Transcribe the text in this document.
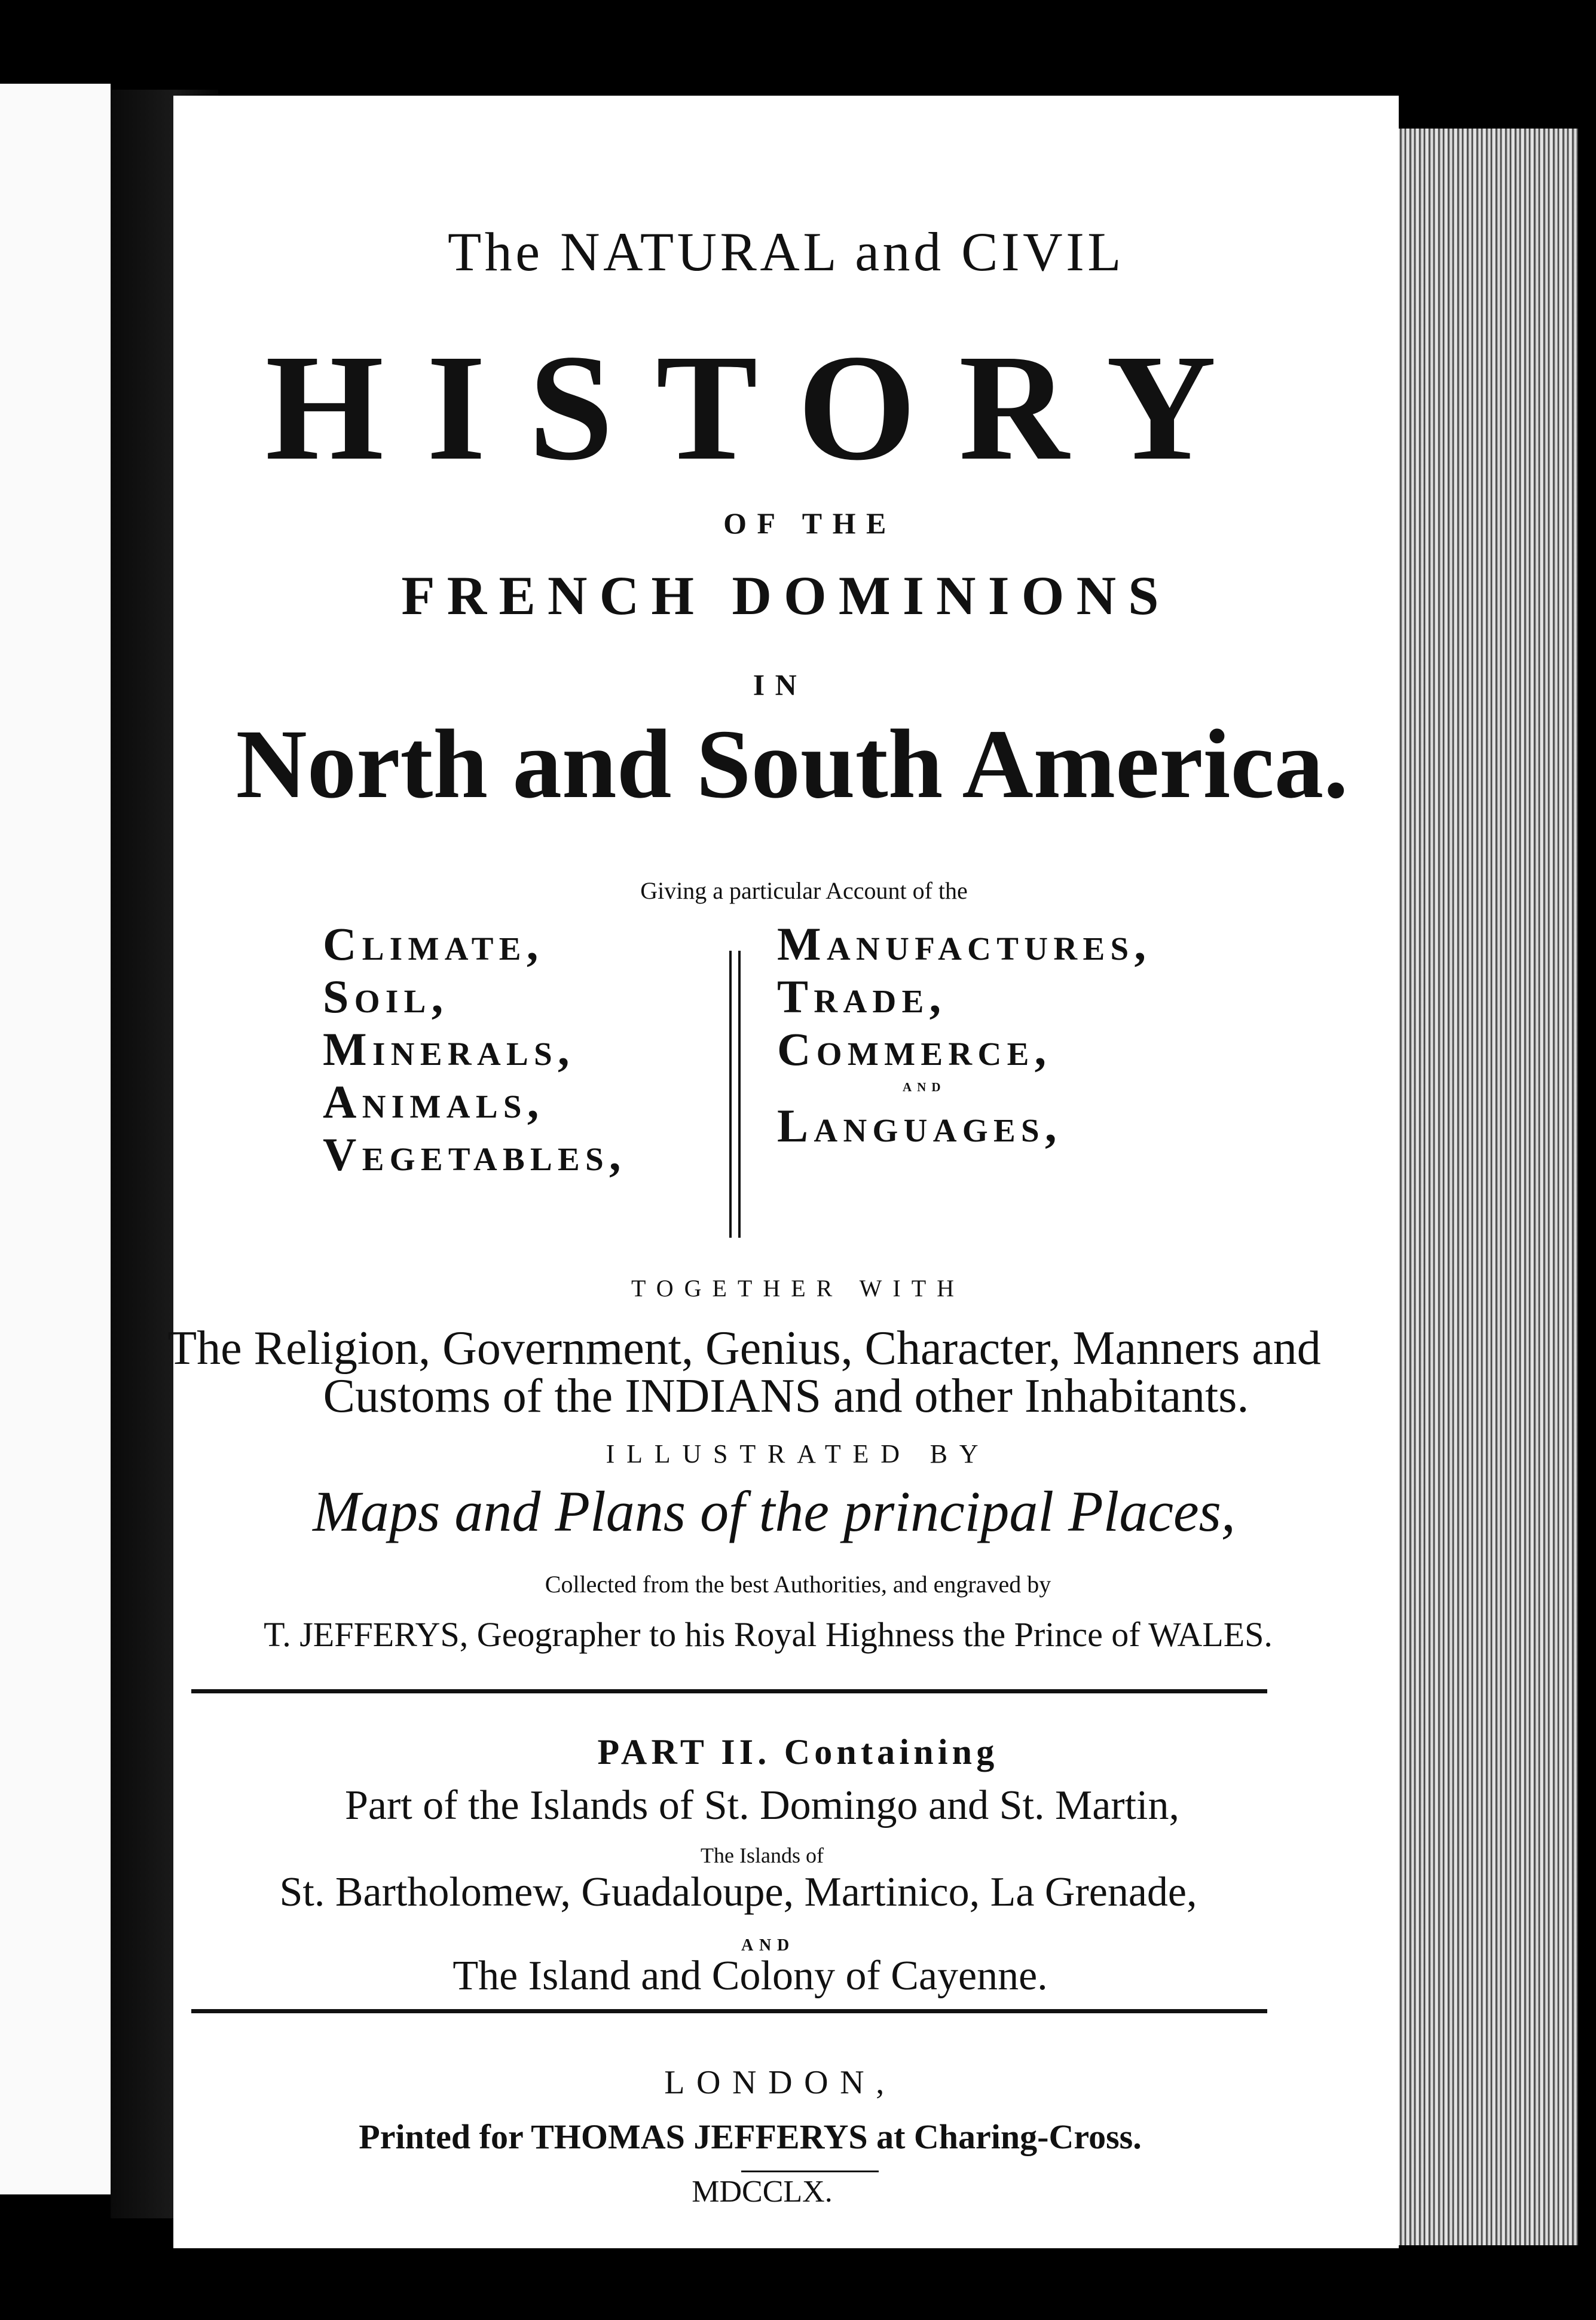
The NATURAL and CIVIL
HISTORY
OF THE
FRENCH DOMINIONS
IN
North and South America.
Giving a particular Account of the
Climate,
Soil,
Minerals,
Animals,
Vegetables,
Manufactures,
Trade,
Commerce,
and
Languages,
TOGETHER WITH
The Religion, Government, Genius, Character, Manners and
Customs of the INDIANS and other Inhabitants.
ILLUSTRATED BY
Maps and Plans of the principal Places,
Collected from the best Authorities, and engraved by
T. JEFFERYS, Geographer to his Royal Highness the Prince of WALES.
PART II. Containing
Part of the Islands of St. Domingo and St. Martin,
The Islands of
St. Bartholomew, Guadaloupe, Martinico, La Grenade,
AND
The Island and Colony of Cayenne.
LONDON,
Printed for THOMAS JEFFERYS at Charing-Cross.
MDCCLX.
